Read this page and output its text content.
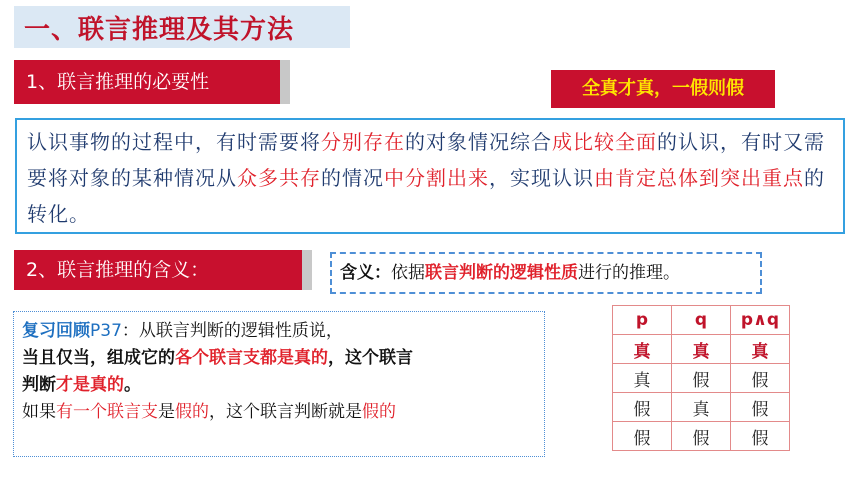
一、联言推理及其方法
1、联言推理的必要性	全真才真，一假则假
认识事物的过程中，有时需要将分别存在的对象情况综合成比较全面的认识，有时又需要将对象的某种情况从众多共存的情况中分割出来，实现认识由肯定总体到突出重点的转化。
2、联言推理的含义：	含义：依据联言判断的逻辑性质进行的推理。
复习回顾P37：从联言判断的逻辑性质说，
当且仅当，组成它的各个联言支都是真的，这个联言
判断才是真的。
如果有一个联言支是假的，这个联言判断就是假的
p	q	p∧q
真	真	真
真	假	假
假	真	假
假	假	假
